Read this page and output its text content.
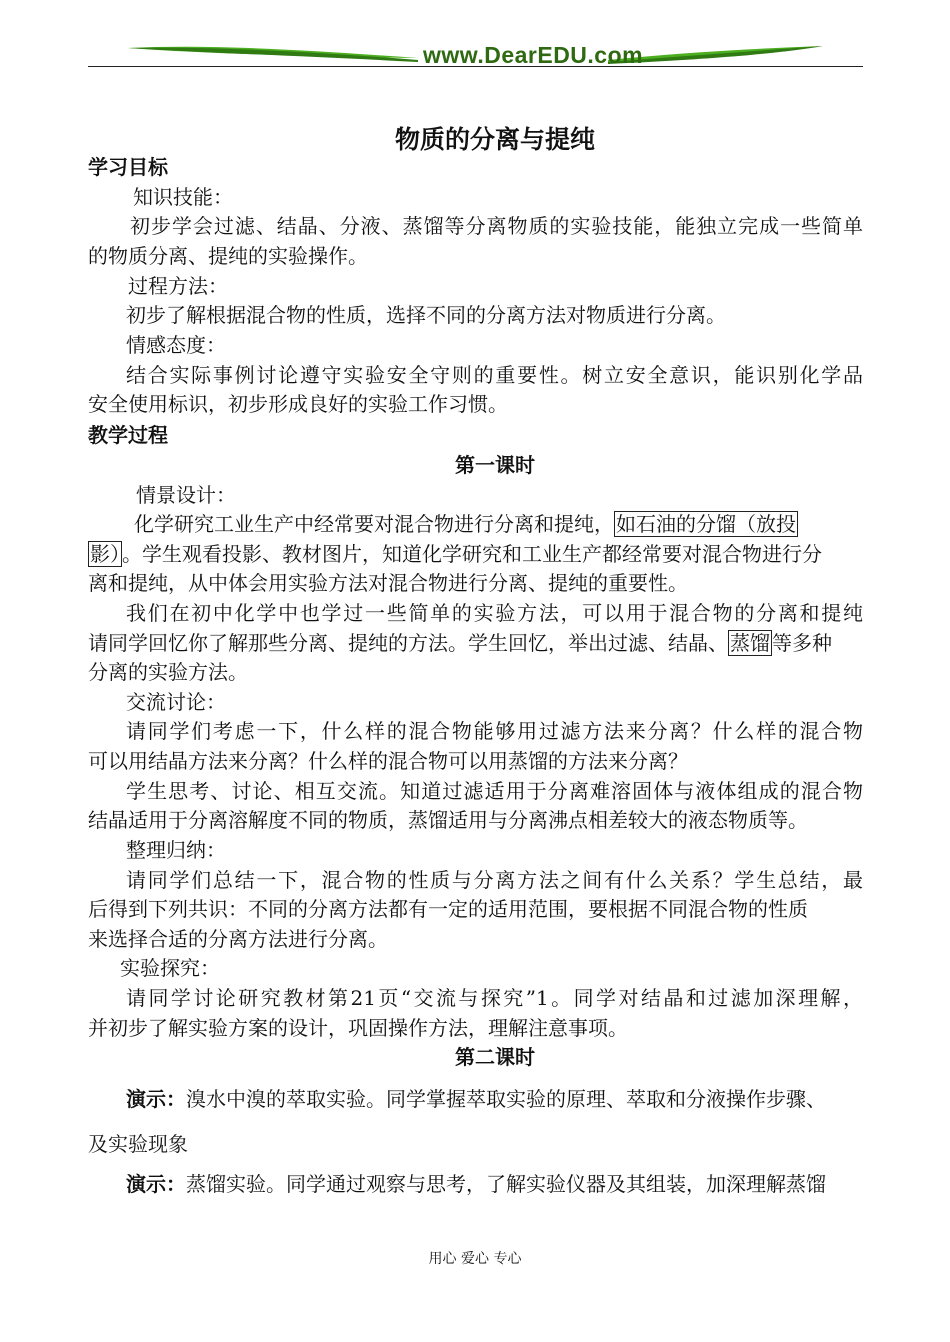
www.DearEDU.com
物质的分离与提纯
学习目标
知识技能：
初步学会过滤、结晶、分液、蒸馏等分离物质的实验技能，能独立完成一些简单
的物质分离、提纯的实验操作。
过程方法：
初步了解根据混合物的性质，选择不同的分离方法对物质进行分离。
情感态度：
结合实际事例讨论遵守实验安全守则的重要性。树立安全意识，能识别化学品
安全使用标识，初步形成良好的实验工作习惯。
教学过程
第一课时
情景设计：
化学研究工业生产中经常要对混合物进行分离和提纯， 如石油的分馏（放投
影） 。学生观看投影、教材图片，知道化学研究和工业生产都经常要对混合物进行分
离和提纯，从中体会用实验方法对混合物进行分离、提纯的重要性。
我们在初中化学中也学过一些简单的实验方法，可以用于混合物的分离和提纯
请同学回忆你了解那些分离、提纯的方法。学生回忆，举出过滤、结晶、 蒸馏 等多种
分离的实验方法。
交流讨论：
请同学们考虑一下，什么样的混合物能够用过滤方法来分离？什么样的混合物
可以用结晶方法来分离？什么样的混合物可以用蒸馏的方法来分离？
学生思考、讨论、相互交流。知道过滤适用于分离难溶固体与液体组成的混合物
结晶适用于分离溶解度不同的物质，蒸馏适用与分离沸点相差较大的液态物质等。
整理归纳：
请同学们总结一下，混合物的性质与分离方法之间有什么关系？学生总结，最
后得到下列共识：不同的分离方法都有一定的适用范围，要根据不同混合物的性质
来选择合适的分离方法进行分离。
实验探究：
请同学讨论研究教材第21页“交流与探究”1。同学对结晶和过滤加深理解，
并初步了解实验方案的设计，巩固操作方法，理解注意事项。
第二课时
演示：溴水中溴的萃取实验。同学掌握萃取实验的原理、萃取和分液操作步骤、
及实验现象
演示：蒸馏实验。同学通过观察与思考，了解实验仪器及其组装，加深理解蒸馏
用心 爱心 专心
